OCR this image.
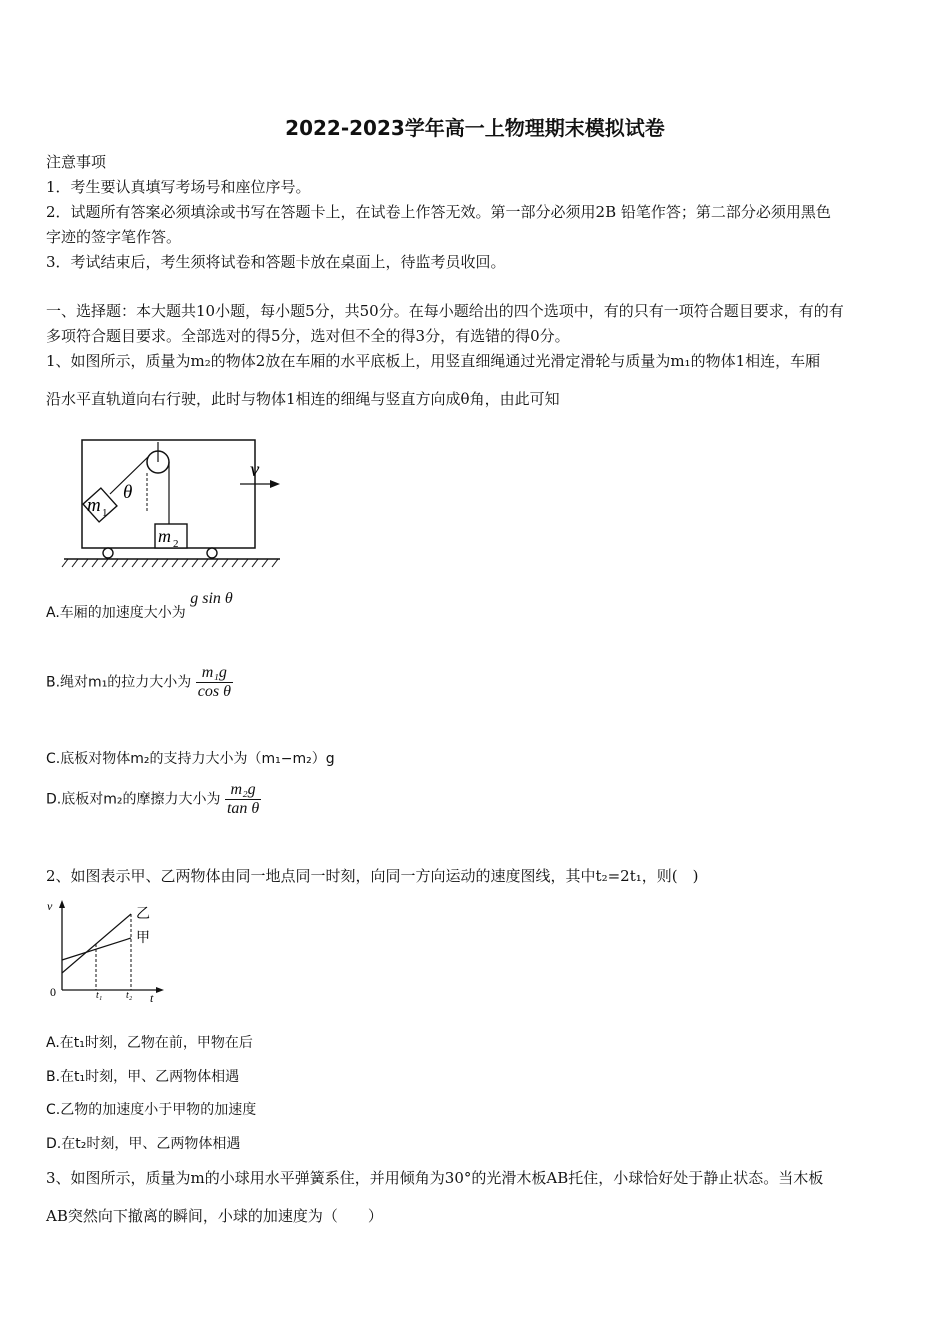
2022-2023学年高一上物理期末模拟试卷
注意事项
1．考生要认真填写考场号和座位序号。
2．试题所有答案必须填涂或书写在答题卡上，在试卷上作答无效。第一部分必须用2B 铅笔作答；第二部分必须用黑色
字迹的签字笔作答。
3．考试结束后，考生须将试卷和答题卡放在桌面上，待监考员收回。
一、选择题：本大题共10小题，每小题5分，共50分。在每小题给出的四个选项中，有的只有一项符合题目要求，有的有
多项符合题目要求。全部选对的得5分，选对但不全的得3分，有选错的得0分。
1、如图所示，质量为m₂的物体2放在车厢的水平底板上，用竖直细绳通过光滑定滑轮与质量为m₁的物体1相连，车厢
沿水平直轨道向右行驶，此时与物体1相连的细绳与竖直方向成θ角，由此可知
m 1
θ
m 2
v
A.车厢的加速度大小为 g sin θ
B.绳对m₁的拉力大小为 $\frac{\text{m₁g}}{\text{cos θ}}$
C.底板对物体m₂的支持力大小为（m₁−m₂）g
D.底板对m₂的摩擦力大小为 $\frac{\text{m₂g}}{\text{tan θ}}$
2、如图表示甲、乙两物体由同一地点同一时刻，向同一方向运动的速度图线，其中t₂=2t₁，则(　)
v
t
0
乙
甲
t₁ t₂
A.在t₁时刻，乙物在前，甲物在后
B.在t₁时刻，甲、乙两物体相遇
C.乙物的加速度小于甲物的加速度
D.在t₂时刻，甲、乙两物体相遇
3、如图所示，质量为m的小球用水平弹簧系住，并用倾角为30°的光滑木板AB托住，小球恰好处于静止状态。当木板
AB突然向下撤离的瞬间，小球的加速度为（　　）
